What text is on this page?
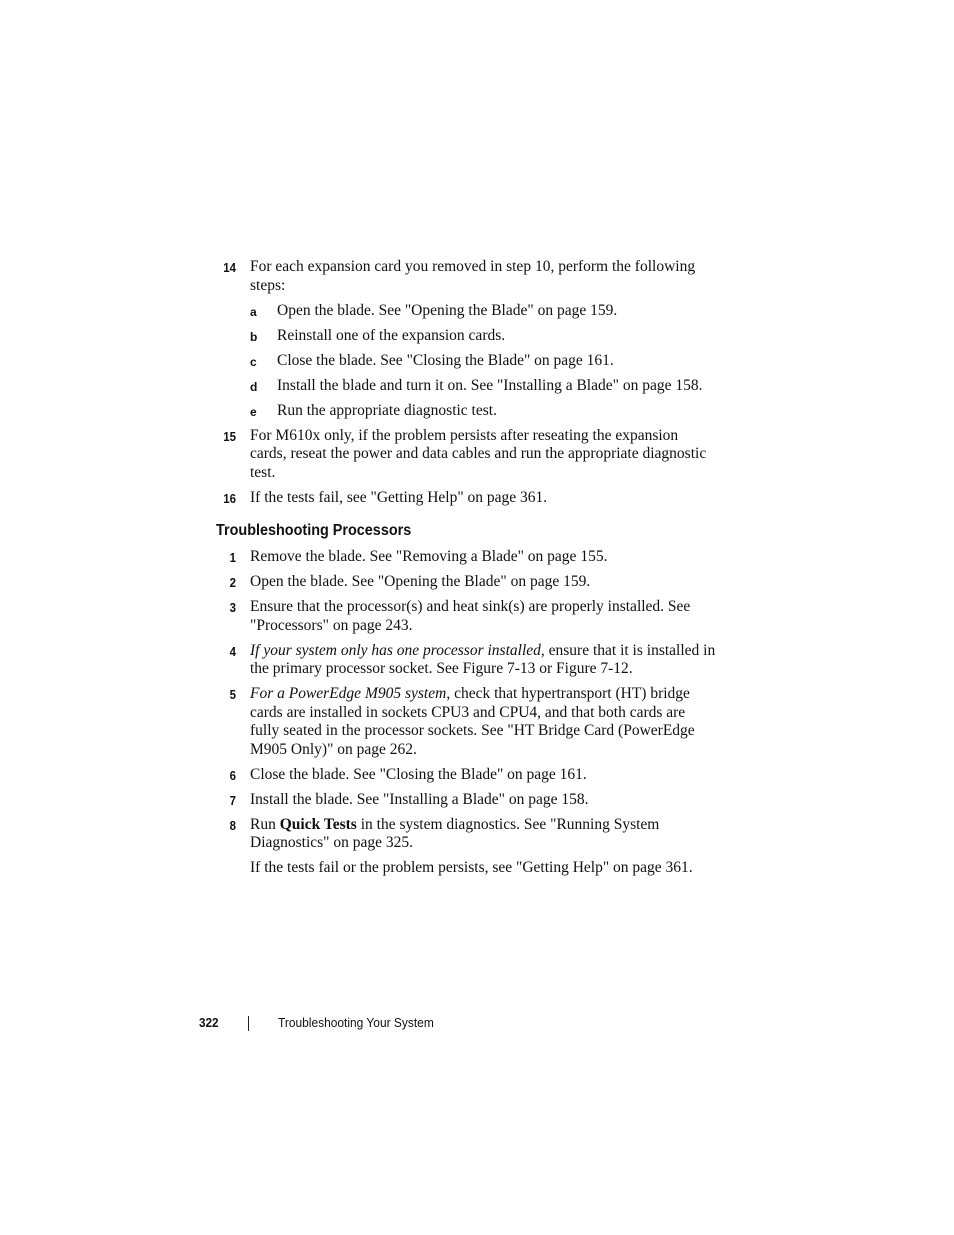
14 For each expansion card you removed in step 10, perform the following steps:
a Open the blade. See "Opening the Blade" on page 159.
b Reinstall one of the expansion cards.
c Close the blade. See "Closing the Blade" on page 161.
d Install the blade and turn it on. See "Installing a Blade" on page 158.
e Run the appropriate diagnostic test.
15 For M610x only, if the problem persists after reseating the expansion cards, reseat the power and data cables and run the appropriate diagnostic test.
16 If the tests fail, see "Getting Help" on page 361.
Troubleshooting Processors
1 Remove the blade. See "Removing a Blade" on page 155.
2 Open the blade. See "Opening the Blade" on page 159.
3 Ensure that the processor(s) and heat sink(s) are properly installed. See "Processors" on page 243.
4 If your system only has one processor installed, ensure that it is installed in the primary processor socket. See Figure 7-13 or Figure 7-12.
5 For a PowerEdge M905 system, check that hypertransport (HT) bridge cards are installed in sockets CPU3 and CPU4, and that both cards are fully seated in the processor sockets. See "HT Bridge Card (PowerEdge M905 Only)" on page 262.
6 Close the blade. See "Closing the Blade" on page 161.
7 Install the blade. See "Installing a Blade" on page 158.
8 Run Quick Tests in the system diagnostics. See "Running System Diagnostics" on page 325.
If the tests fail or the problem persists, see "Getting Help" on page 361.
322	Troubleshooting Your System
